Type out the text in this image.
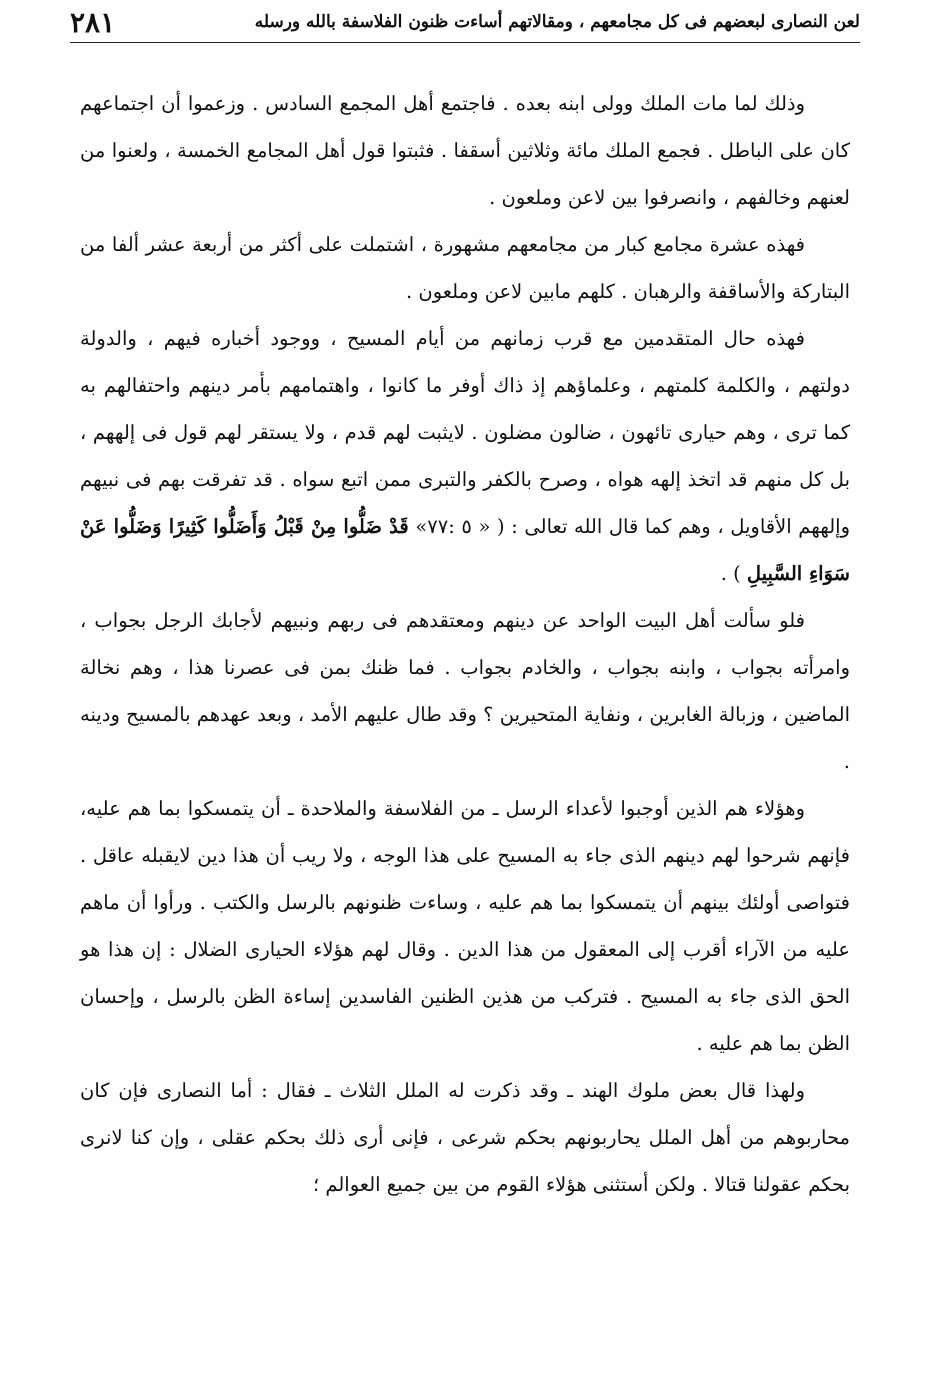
لعن النصارى لبعضهم فى كل مجامعهم ، ومقالاتهم أساءت ظنون الفلاسفة بالله ورسله
٢٨١

وذلك لما مات الملك وولى ابنه بعده . فاجتمع أهل المجمع السادس . وزعموا أن اجتماعهم كان على الباطل . فجمع الملك مائة وثلاثين أسقفا . فثبتوا قول أهل المجامع الخمسة ، ولعنوا من لعنهم وخالفهم ، وانصرفوا بين لاعن وملعون .

فهذه عشرة مجامع كبار من مجامعهم مشهورة ، اشتملت على أكثر من أربعة عشر ألفا من البتاركة والأساقفة والرهبان . كلهم مابين لاعن وملعون .

فهذه حال المتقدمين مع قرب زمانهم من أيام المسيح ، ووجود أخباره فيهم ، والدولة دولتهم ، والكلمة كلمتهم ، وعلماؤهم إذ ذاك أوفر ما كانوا ، واهتمامهم بأمر دينهم واحتفالهم به كما ترى ، وهم حيارى تائهون ، ضالون مضلون . لايثبت لهم قدم ، ولا يستقر لهم قول فى إلههم ، بل كل منهم قد اتخذ إلهه هواه ، وصرح بالكفر والتبرى ممن اتبع سواه . قد تفرقت بهم فى نبيهم وإلههم الأقاويل ، وهم كما قال الله تعالى : ( « ٥ :٧٧» قَدْ ضَلُّوا مِنْ قَبْلُ وَأَضَلُّوا كَثِيرًا وَضَلُّوا عَنْ سَوَاءِ السَّبِيلِ ) .

فلو سألت أهل البيت الواحد عن دينهم ومعتقدهم فى ربهم ونبيهم لأجابك الرجل بجواب ، وامرأته بجواب ، وابنه بجواب ، والخادم بجواب . فما ظنك بمن فى عصرنا هذا ، وهم نخالة الماضين ، وزبالة الغابرين ، ونفاية المتحيرين ؟ وقد طال عليهم الأمد ، وبعد عهدهم بالمسيح ودينه .

وهؤلاء هم الذين أوجبوا لأعداء الرسل ـ من الفلاسفة والملاحدة ـ أن يتمسكوا بما هم عليه، فإنهم شرحوا لهم دينهم الذى جاء به المسيح على هذا الوجه ، ولا ريب أن هذا دين لايقبله عاقل . فتواصى أولئك بينهم أن يتمسكوا بما هم عليه ، وساءت ظنونهم بالرسل والكتب . ورأوا أن ماهم عليه من الآراء أقرب إلى المعقول من هذا الدين . وقال لهم هؤلاء الحيارى الضلال : إن هذا هو الحق الذى جاء به المسيح . فتركب من هذين الظنين الفاسدين إساءة الظن بالرسل ، وإحسان الظن بما هم عليه .

ولهذا قال بعض ملوك الهند ـ وقد ذكرت له الملل الثلاث ـ فقال : أما النصارى فإن كان محاربوهم من أهل الملل يحاربونهم بحكم شرعى ، فإنى أرى ذلك بحكم عقلى ، وإن كنا لانرى بحكم عقولنا قتالا . ولكن أستثنى هؤلاء القوم من بين جميع العوالم ؛
